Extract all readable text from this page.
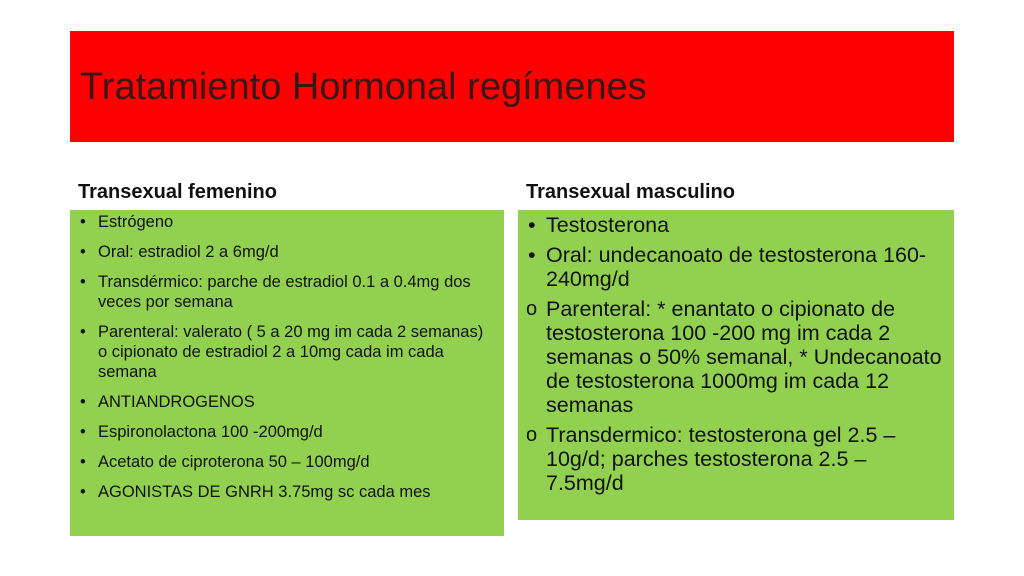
Tratamiento Hormonal regímenes
Transexual femenino	Transexual masculino
• Estrógeno
• Oral: estradiol 2 a 6mg/d
• Transdérmico: parche de estradiol 0.1 a 0.4mg dos veces por semana
• Parenteral: valerato ( 5 a 20 mg im cada 2 semanas) o cipionato de estradiol 2 a 10mg cada im cada semana
• ANTIANDROGENOS
• Espironolactona 100 -200mg/d
• Acetato de ciproterona 50 – 100mg/d
• AGONISTAS DE GNRH 3.75mg sc cada mes
• Testosterona
• Oral: undecanoato de testosterona 160-240mg/d
o Parenteral: * enantato o cipionato de testosterona 100 -200 mg im cada 2 semanas o 50% semanal, * Undecanoato de testosterona 1000mg im cada 12 semanas
o Transdermico: testosterona gel 2.5 – 10g/d; parches testosterona 2.5 – 7.5mg/d
